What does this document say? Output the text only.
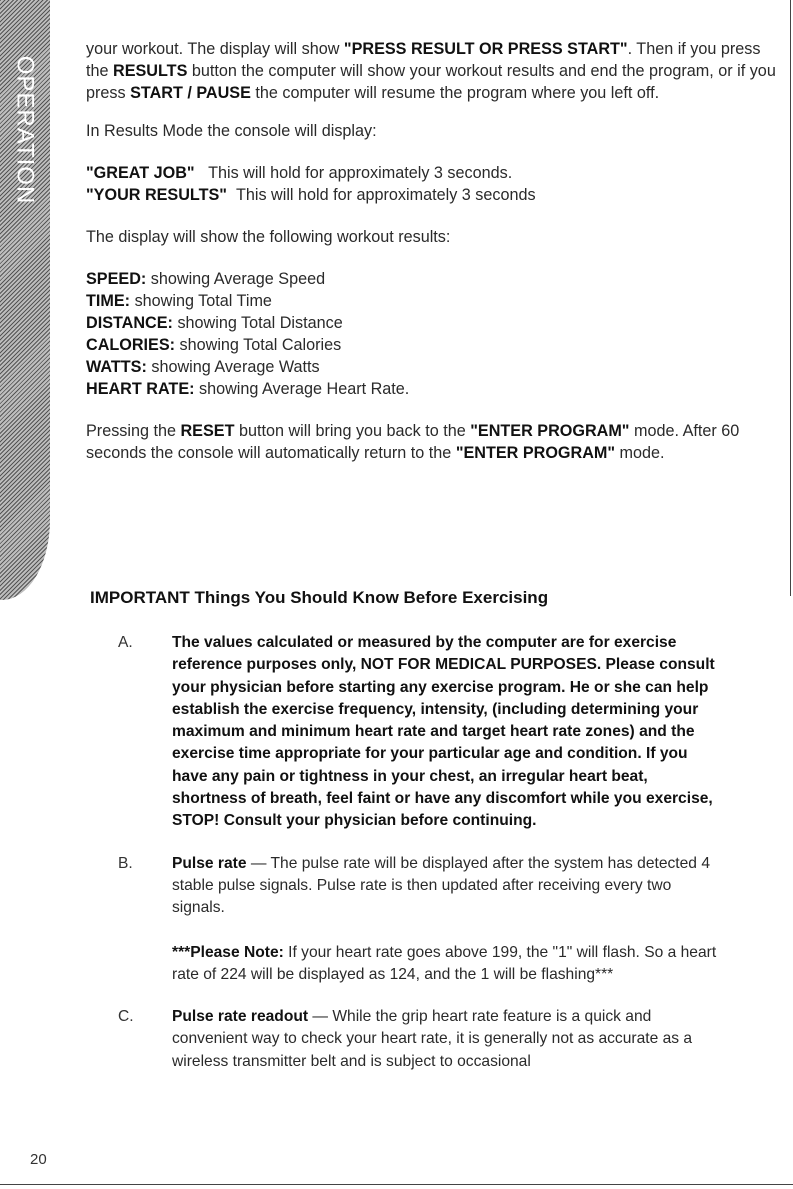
OPERATION

your workout. The display will show "PRESS RESULT OR PRESS START". Then if you press the RESULTS button the computer will show your workout results and end the program, or if you press START / PAUSE the computer will resume the program where you left off.

In Results Mode the console will display:

"GREAT JOB" This will hold for approximately 3 seconds.

"YOUR RESULTS" This will hold for approximately 3 seconds

The display will show the following workout results:

SPEED: showing Average Speed

TIME: showing Total Time

DISTANCE: showing Total Distance

CALORIES: showing Total Calories

WATTS: showing Average Watts

HEART RATE: showing Average Heart Rate.

Pressing the RESET button will bring you back to the "ENTER PROGRAM" mode. After 60 seconds the console will automatically return to the "ENTER PROGRAM" mode.

IMPORTANT Things You Should Know Before Exercising
A.	The values calculated or measured by the computer are for exercise reference purposes only, NOT FOR MEDICAL PURPOSES. Please consult your physician before starting any exercise program. He or she can help establish the exercise frequency, intensity, (including determining your maximum and minimum heart rate and target heart rate zones) and the exercise time appropriate for your particular age and condition. If you have any pain or tightness in your chest, an irregular heart beat, shortness of breath, feel faint or have any discomfort while you exercise, STOP! Consult your physician before continuing.

B.	Pulse rate — The pulse rate will be displayed after the system has detected 4 stable pulse signals. Pulse rate is then updated after receiving every two signals.

***Please Note: If your heart rate goes above 199, the "1" will flash. So a heart rate of 224 will be displayed as 124, and the 1 will be flashing***

C. Pulse rate readout — While the grip heart rate feature is a quick and convenient way to check your heart rate, it is generally not as accurate as a wireless transmitter belt and is subject to occasional

20
